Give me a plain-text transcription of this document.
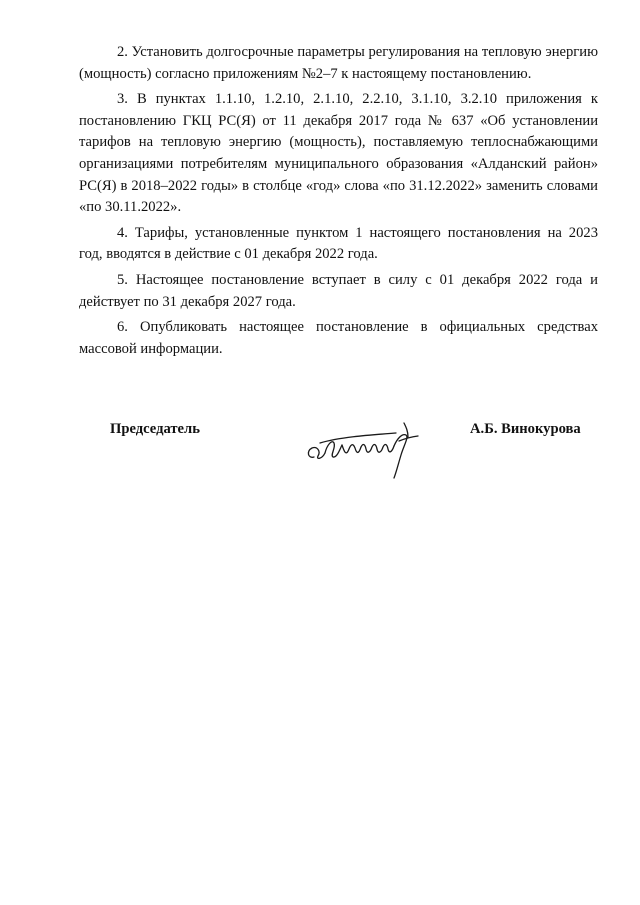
2. Установить долгосрочные параметры регулирования на тепловую энергию (мощность) согласно приложениям №2–7 к настоящему постановлению.

3. В пунктах 1.1.10, 1.2.10, 2.1.10, 2.2.10, 3.1.10, 3.2.10 приложения к постановлению ГКЦ РС(Я) от 11 декабря 2017 года № 637 «Об установлении тарифов на тепловую энергию (мощность), поставляемую теплоснабжающими организациями потребителям муниципального образования «Алданский район» РС(Я) в 2018–2022 годы» в столбце «год» слова «по 31.12.2022» заменить словами «по 30.11.2022».

4. Тарифы, установленные пунктом 1 настоящего постановления на 2023 год, вводятся в действие с 01 декабря 2022 года.

5. Настоящее постановление вступает в силу с 01 декабря 2022 года и действует по 31 декабря 2027 года.

6. Опубликовать настоящее постановление в официальных средствах массовой информации.

Председатель	А.Б. Винокурова
